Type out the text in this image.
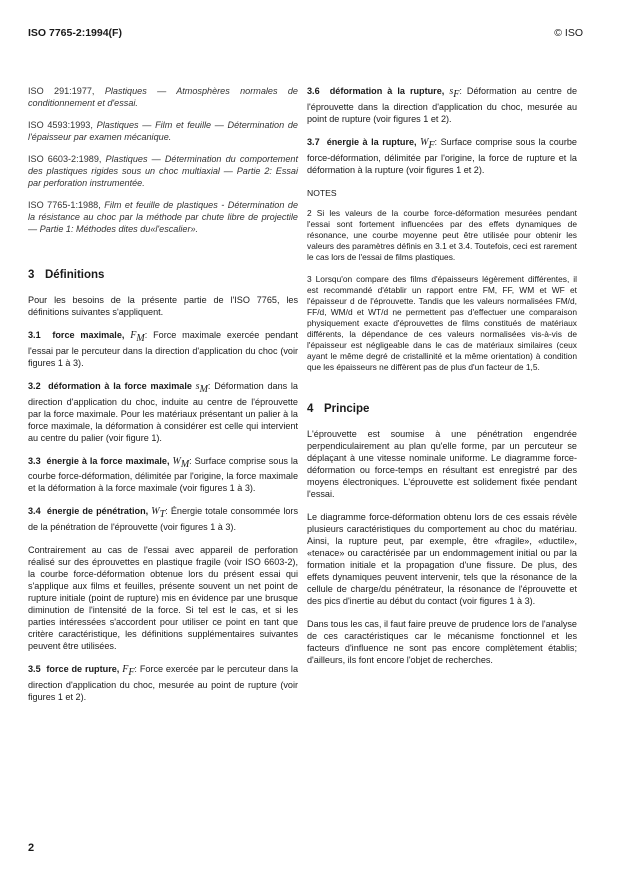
ISO 7765-2:1994(F)	© ISO

ISO 291:1977, Plastiques — Atmosphères normales de conditionnement et d'essai.

ISO 4593:1993, Plastiques — Film et feuille — Détermination de l'épaisseur par examen mécanique.

ISO 6603-2:1989, Plastiques — Détermination du comportement des plastiques rigides sous un choc multiaxial — Partie 2: Essai par perforation instrumentée.

ISO 7765-1:1988, Film et feuille de plastiques - Détermination de la résistance au choc par la méthode par chute libre de projectile — Partie 1: Méthodes dites du«l'escalier».

3 Définitions

Pour les besoins de la présente partie de l'ISO 7765, les définitions suivantes s'appliquent.

3.1 force maximale, $F_M$: Force maximale exercée pendant l'essai par le percuteur dans la direction d'application du choc (voir figures 1 à 3).

3.2 déformation à la force maximale $s_M$: Déformation dans la direction d'application du choc, induite au centre de l'éprouvette par la force maximale. Pour les matériaux présentant un palier à la force maximale, la déformation à considérer est celle qui intervient au centre du palier (voir figure 1).

3.3 énergie à la force maximale, $W_M$: Surface comprise sous la courbe force-déformation, délimitée par l'origine, la force maximale et la déformation à la force maximale (voir figures 1 à 3).

3.4 énergie de pénétration, $W_T$: Énergie totale consommée lors de la pénétration de l'éprouvette (voir figures 1 à 3).

Contrairement au cas de l'essai avec appareil de perforation réalisé sur des éprouvettes en plastique fragile (voir ISO 6603-2), la courbe force-déformation obtenue lors du présent essai qui s'applique aux films et feuilles, présente souvent un net point de rupture initiale (point de rupture) mis en évidence par une brusque diminution de l'intensité de la force. Si tel est le cas, et si les parties intéressées s'accordent pour utiliser ce point en tant que critère caractéristique, les définitions supplémentaires suivantes peuvent être utilisées.

3.5 force de rupture, $F_F$: Force exercée par le percuteur dans la direction d'application du choc, mesurée au point de rupture (voir figures 1 et 2).

3.6 déformation à la rupture, $s_F$: Déformation au centre de l'éprouvette dans la direction d'application du choc, mesurée au point de rupture (voir figures 1 et 2).

3.7 énergie à la rupture, $W_F$: Surface comprise sous la courbe force-déformation, délimitée par l'origine, la force de rupture et la déformation à la rupture (voir figures 1 et 2).

NOTES

2 Si les valeurs de la courbe force-déformation mesurées pendant l'essai sont fortement influencées par des effets dynamiques de résonance, une courbe moyenne peut être utilisée pour obtenir les valeurs des paramètres définis en 3.1 et 3.4. Toutefois, ceci est rarement le cas lors de l'essai de films plastiques.

3 Lorsqu'on compare des films d'épaisseurs légèrement différentes, il est recommandé d'établir un rapport entre FM, FF, WM et WF et l'épaisseur d de l'éprouvette. Tandis que les valeurs normalisées FM/d, FF/d, WM/d et WT/d ne permettent pas d'effectuer une comparaison physiquement exacte d'éprouvettes de films constitués de matériaux différents, la dépendance de ces valeurs normalisées vis-à-vis de l'épaisseur est négligeable dans le cas de matériaux similaires (ceux ayant le même degré de cristallinité et la même orientation) à condition que les épaisseurs ne diffèrent pas de plus d'un facteur de 1,5.

4 Principe

L'éprouvette est soumise à une pénétration engendrée perpendiculairement au plan qu'elle forme, par un percuteur se déplaçant à une vitesse nominale uniforme. Le diagramme force-déformation ou force-temps en résultant est enregistré par des moyens électroniques. L'éprouvette est solidement fixée pendant l'essai.

Le diagramme force-déformation obtenu lors de ces essais révèle plusieurs caractéristiques du comportement au choc du matériau. Ainsi, la rupture peut, par exemple, être «fragile», «ductile», «tenace» ou caractérisée par un endommagement initial ou par la formation initiale et la propagation d'une fissure. De plus, des effets dynamiques peuvent intervenir, tels que la résonance de la cellule de charge/du pénétrateur, la résonance de l'éprouvette et des pics d'inertie au début du contact (voir figures 1 à 3).

Dans tous les cas, il faut faire preuve de prudence lors de l'analyse de ces caractéristiques car le mécanisme fonctionnel et les facteurs d'influence ne sont pas encore complètement établis; d'ailleurs, ils font encore l'objet de recherches.

2
